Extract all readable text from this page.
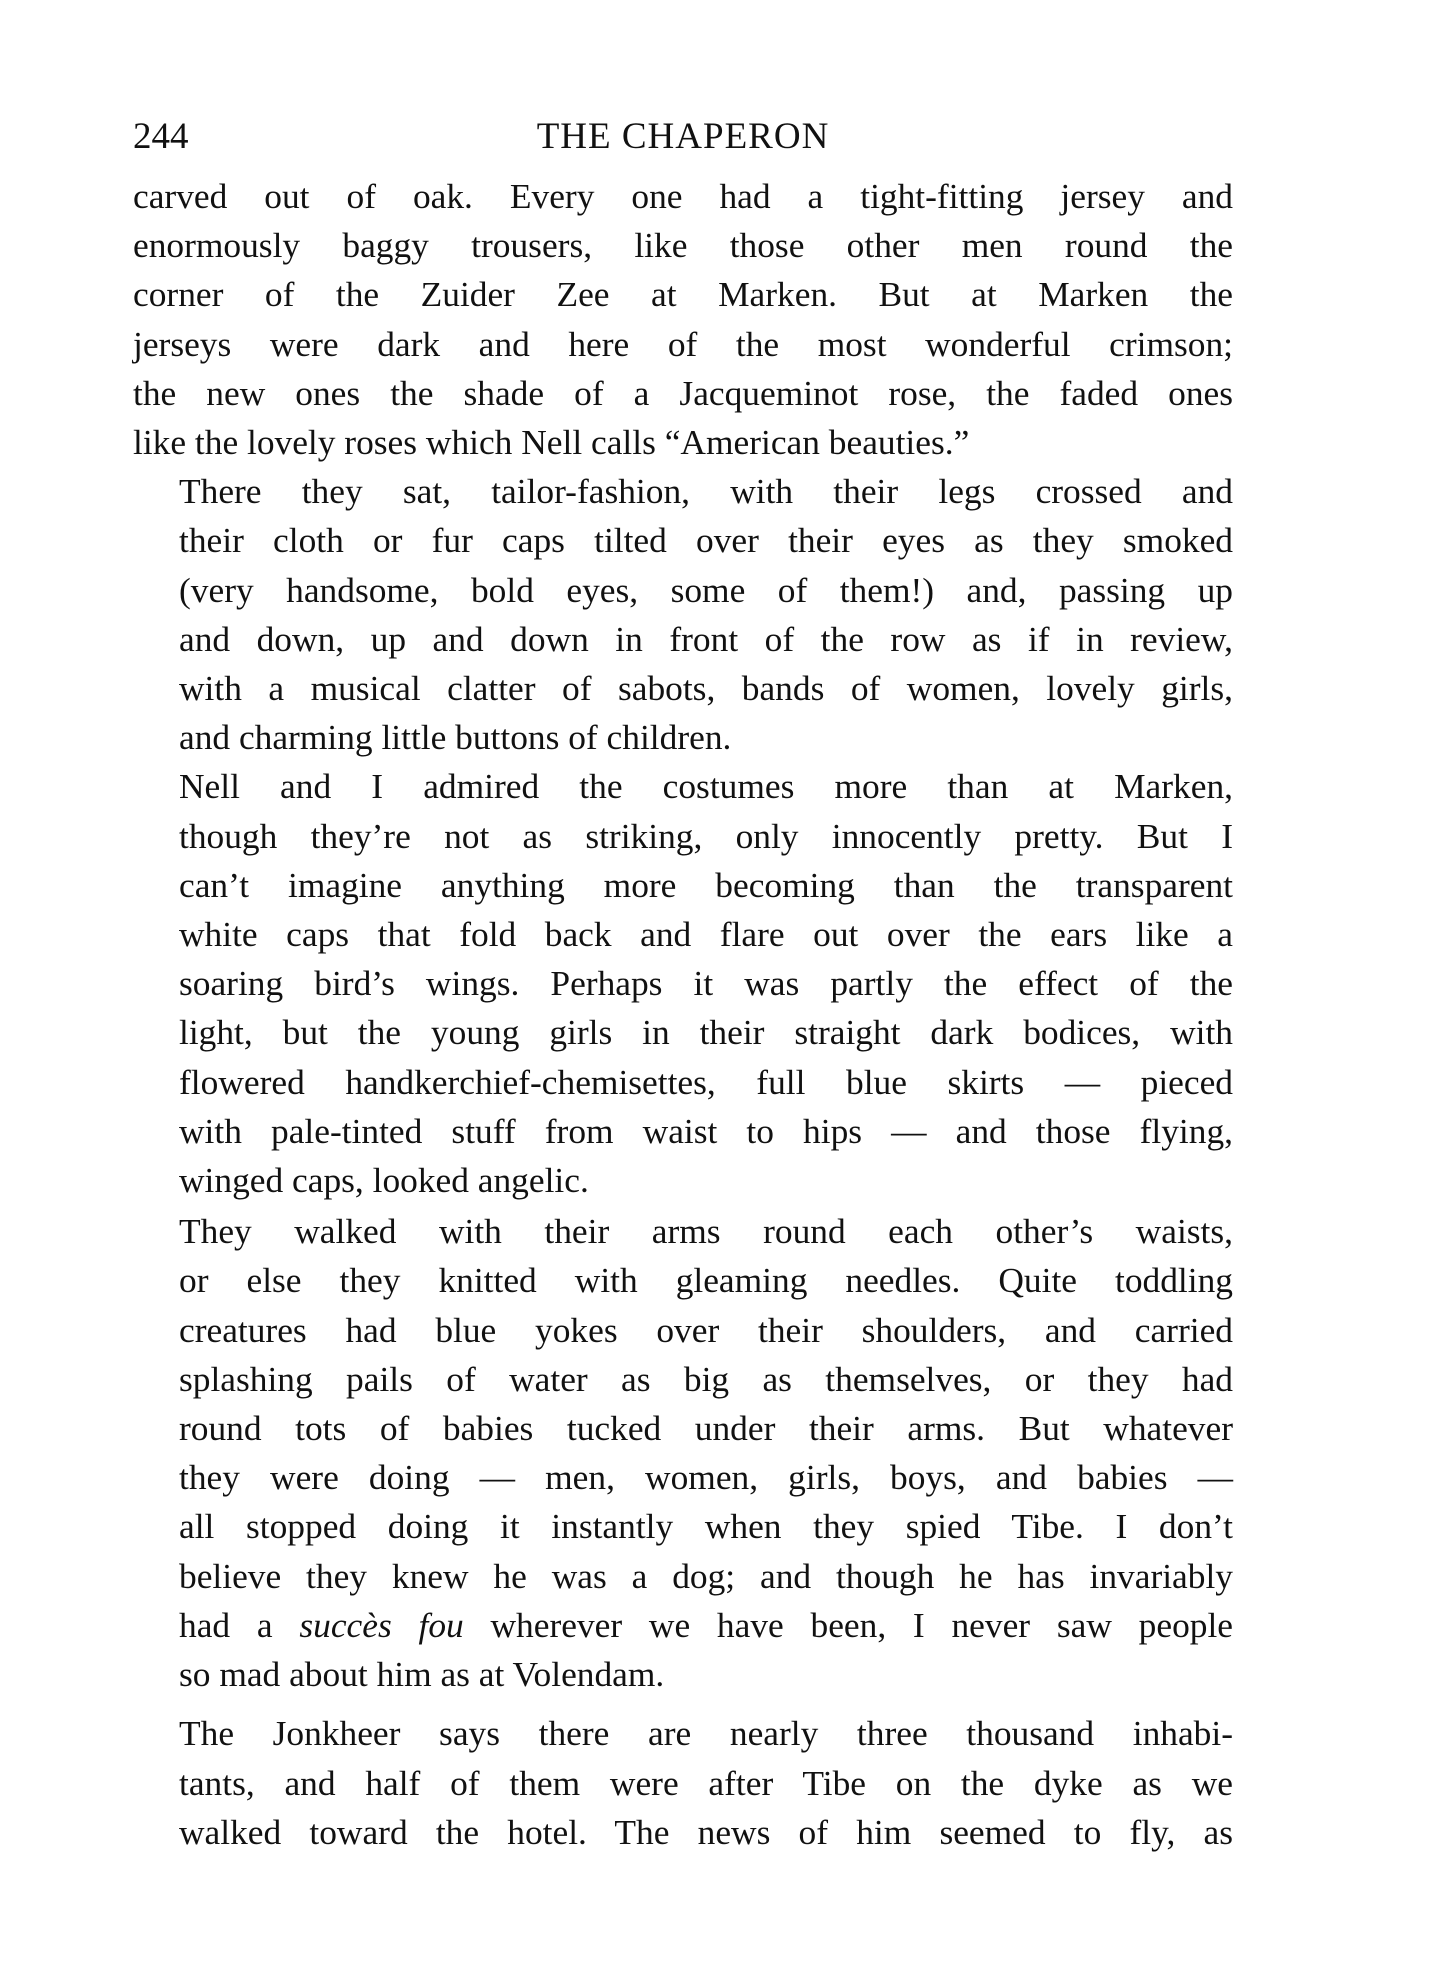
244	THE CHAPERON
carved out of oak. Every one had a tight-fitting jersey and
enormously baggy trousers, like those other men round the
corner of the Zuider Zee at Marken. But at Marken the
jerseys were dark and here of the most wonderful crimson;
the new ones the shade of a Jacqueminot rose, the faded ones
like the lovely roses which Nell calls “American beauties.”
There they sat, tailor-fashion, with their legs crossed and
their cloth or fur caps tilted over their eyes as they smoked
(very handsome, bold eyes, some of them!) and, passing up
and down, up and down in front of the row as if in review,
with a musical clatter of sabots, bands of women, lovely girls,
and charming little buttons of children.
Nell and I admired the costumes more than at Marken,
though they’re not as striking, only innocently pretty. But I
can’t imagine anything more becoming than the transparent
white caps that fold back and flare out over the ears like a
soaring bird’s wings. Perhaps it was partly the effect of the
light, but the young girls in their straight dark bodices, with
flowered handkerchief-chemisettes, full blue skirts — pieced
with pale-tinted stuff from waist to hips — and those flying,
winged caps, looked angelic.
They walked with their arms round each other’s waists,
or else they knitted with gleaming needles. Quite toddling
creatures had blue yokes over their shoulders, and carried
splashing pails of water as big as themselves, or they had
round tots of babies tucked under their arms. But whatever
they were doing — men, women, girls, boys, and babies —
all stopped doing it instantly when they spied Tibe. I don’t
believe they knew he was a dog; and though he has invariably
had a succès fou wherever we have been, I never saw people
so mad about him as at Volendam.
The Jonkheer says there are nearly three thousand inhabi-
tants, and half of them were after Tibe on the dyke as we
walked toward the hotel. The news of him seemed to fly, as
